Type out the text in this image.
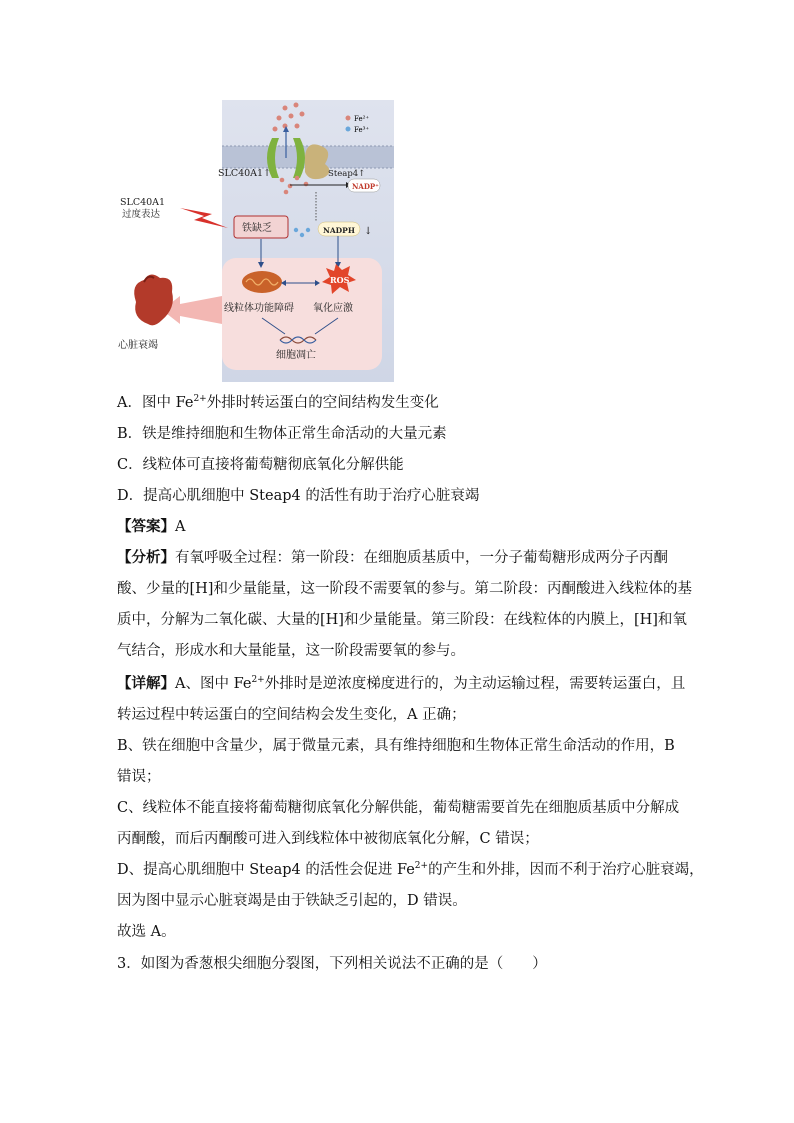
Fe²⁺
Fe³⁺
SLC40A1↑	Steap4↑
NADP⁺
SLC40A1
过度表达
铁缺乏	NADPH ↓
ROS
线粒体功能障碍 氧化应激
细胞凋亡
心脏衰竭
A．图中 $Fe^{2+}$外排时转运蛋白的空间结构发生变化
B．铁是维持细胞和生物体正常生命活动的大量元素
C．线粒体可直接将葡萄糖彻底氧化分解供能
D．提高心肌细胞中 Steap4 的活性有助于治疗心脏衰竭
【答案】A
【分析】有氧呼吸全过程：第一阶段：在细胞质基质中，一分子葡萄糖形成两分子丙酮
酸、少量的[H]和少量能量，这一阶段不需要氧的参与。第二阶段：丙酮酸进入线粒体的基
质中，分解为二氧化碳、大量的[H]和少量能量。第三阶段：在线粒体的内膜上，[H]和氧
气结合，形成水和大量能量，这一阶段需要氧的参与。
【详解】A、图中 $Fe^{2+}$外排时是逆浓度梯度进行的，为主动运输过程，需要转运蛋白，且
转运过程中转运蛋白的空间结构会发生变化，A 正确；
B、铁在细胞中含量少，属于微量元素，具有维持细胞和生物体正常生命活动的作用，B
错误；
C、线粒体不能直接将葡萄糖彻底氧化分解供能，葡萄糖需要首先在细胞质基质中分解成
丙酮酸，而后丙酮酸可进入到线粒体中被彻底氧化分解，C 错误；
D、提高心肌细胞中 Steap4 的活性会促进 $Fe^{2+}$的产生和外排，因而不利于治疗心脏衰竭，
因为图中显示心脏衰竭是由于铁缺乏引起的，D 错误。
故选 A。
3．如图为香葱根尖细胞分裂图，下列相关说法不正确的是（　　）
